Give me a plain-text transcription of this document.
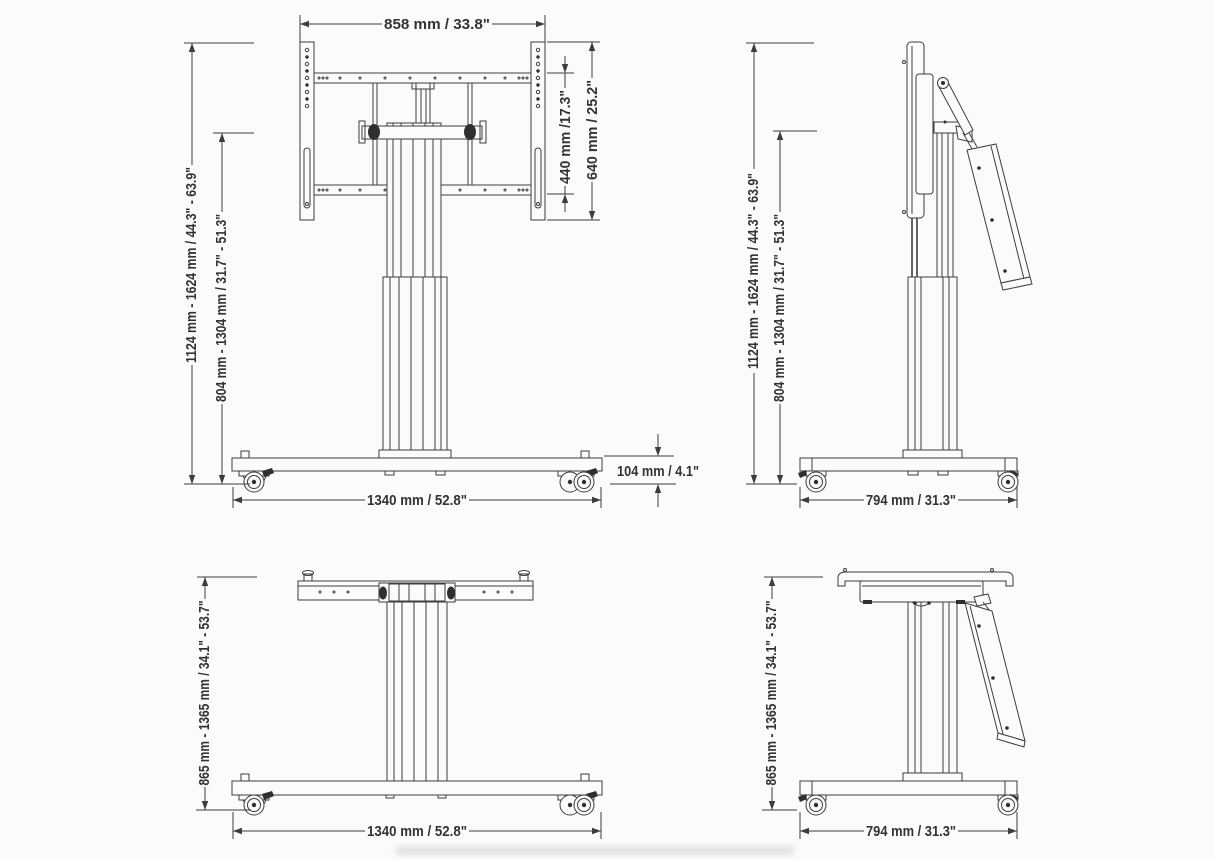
858 mm / 33.8"
1124 mm - 1624 mm / 44.3" - 63.9" 804 mm - 1304 mm / 31.7" - 51.3"
440 mm /17.3" 640 mm / 25.2"
104 mm / 4.1"
1340 mm / 52.8"
1124 mm - 1624 mm / 44.3" - 63.9" 804 mm - 1304 mm / 31.7" - 51.3"
794 mm / 31.3"
865 mm - 1365 mm / 34.1" - 53.7"
1340 mm / 52.8"
865 mm - 1365 mm / 34.1" - 53.7"
794 mm / 31.3"
